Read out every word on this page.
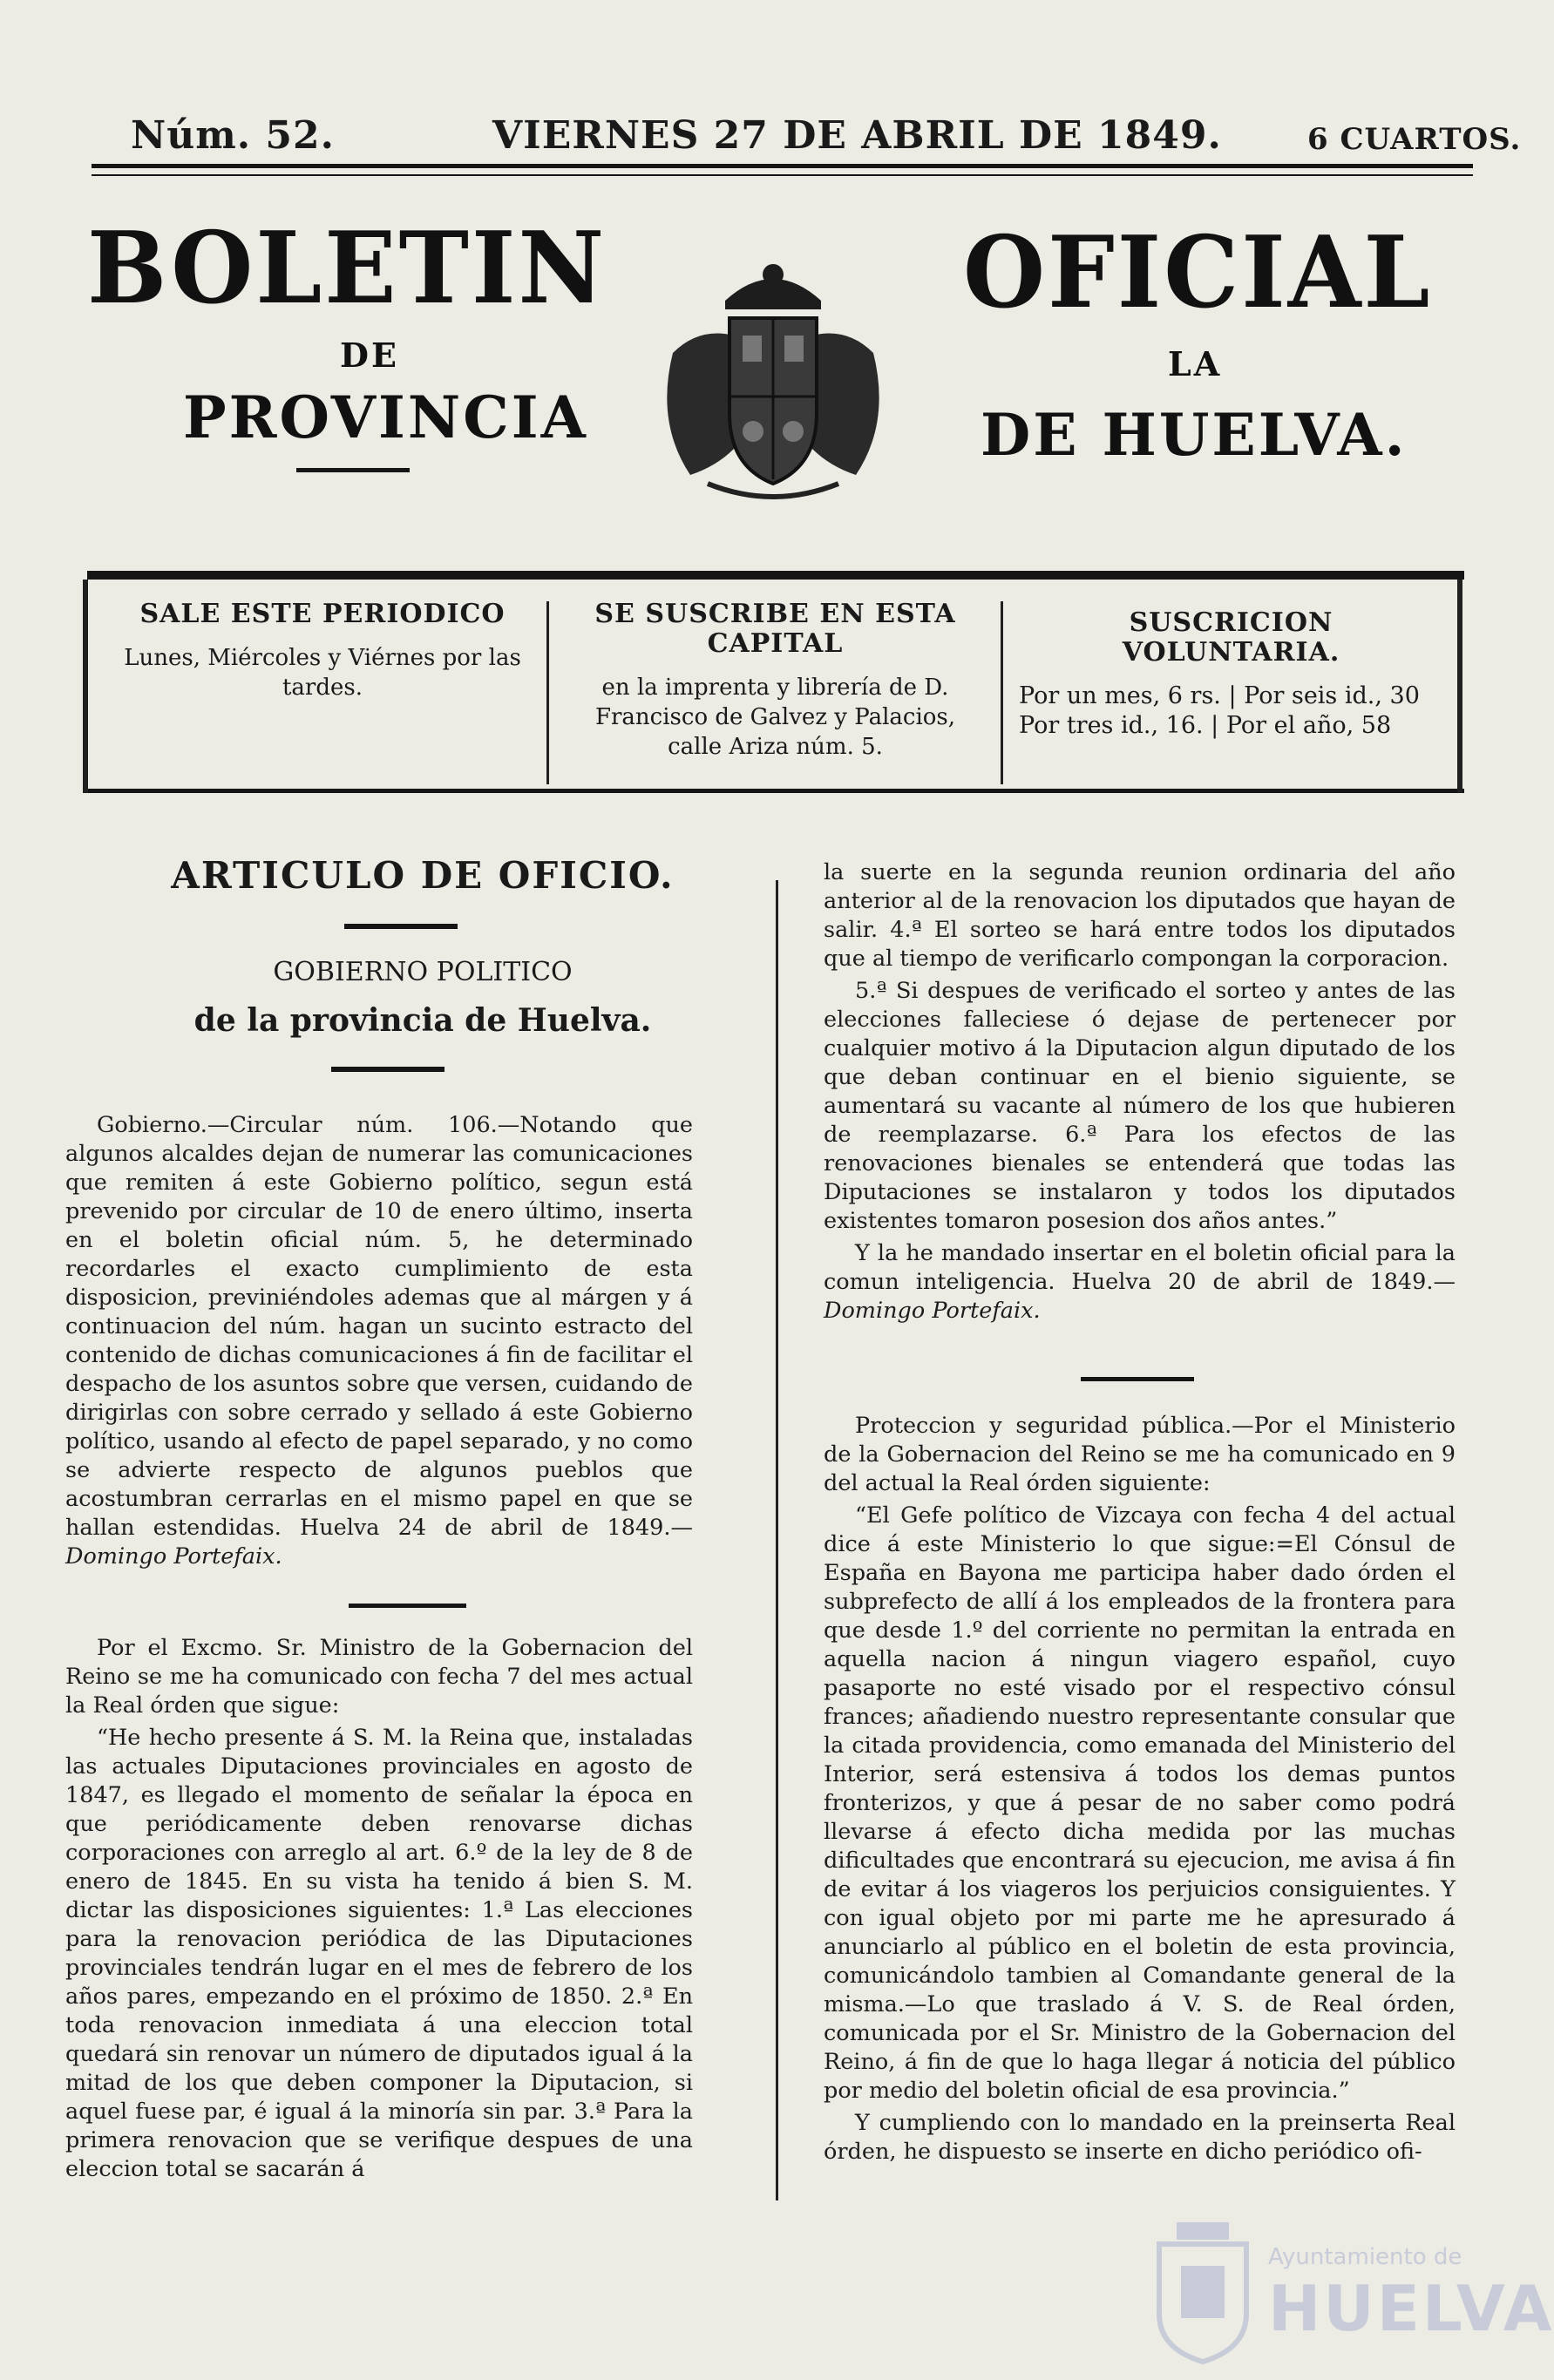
Núm. 52.	VIERNES 27 DE ABRIL DE 1849.	6 CUARTOS.
BOLETIN
DE
PROVINCIA
OFICIAL
LA
DE HUELVA.
SALE ESTE PERIODICO
Lunes, Miércoles y Viérnes por las tardes.
SE SUSCRIBE EN ESTA CAPITAL
en la imprenta y librería de D. Francisco de Galvez y Palacios, calle Ariza núm. 5.
SUSCRICION VOLUNTARIA.
Por un mes, 6 rs. | Por seis id., 30
Por tres id., 16. | Por el año, 58
ARTICULO DE OFICIO.
GOBIERNO POLITICO
de la provincia de Huelva.

Gobierno.—Circular núm. 106.—Notando que algunos alcaldes dejan de numerar las comunicaciones que remiten á este Gobierno político, segun está prevenido por circular de 10 de enero último, inserta en el boletin oficial núm. 5, he determinado recordarles el exacto cumplimiento de esta disposicion, previniéndoles ademas que al márgen y á continuacion del núm. hagan un sucinto estracto del contenido de dichas comunicaciones á fin de facilitar el despacho de los asuntos sobre que versen, cuidando de dirigirlas con sobre cerrado y sellado á este Gobierno político, usando al efecto de papel separado, y no como se advierte respecto de algunos pueblos que acostumbran cerrarlas en el mismo papel en que se hallan estendidas. Huelva 24 de abril de 1849.—Domingo Portefaix.

Por el Excmo. Sr. Ministro de la Gobernacion del Reino se me ha comunicado con fecha 7 del mes actual la Real órden que sigue:

“He hecho presente á S. M. la Reina que, instaladas las actuales Diputaciones provinciales en agosto de 1847, es llegado el momento de señalar la época en que periódicamente deben renovarse dichas corporaciones con arreglo al art. 6.º de la ley de 8 de enero de 1845. En su vista ha tenido á bien S. M. dictar las disposiciones siguientes: 1.ª Las elecciones para la renovacion periódica de las Diputaciones provinciales tendrán lugar en el mes de febrero de los años pares, empezando en el próximo de 1850. 2.ª En toda renovacion inmediata á una eleccion total quedará sin renovar un número de diputados igual á la mitad de los que deben componer la Diputacion, si aquel fuese par, é igual á la minoría sin par. 3.ª Para la primera renovacion que se verifique despues de una eleccion total se sacarán á

la suerte en la segunda reunion ordinaria del año anterior al de la renovacion los diputados que hayan de salir. 4.ª El sorteo se hará entre todos los diputados que al tiempo de verificarlo compongan la corporacion.

5.ª Si despues de verificado el sorteo y antes de las elecciones falleciese ó dejase de pertenecer por cualquier motivo á la Diputacion algun diputado de los que deban continuar en el bienio siguiente, se aumentará su vacante al número de los que hubieren de reemplazarse. 6.ª Para los efectos de las renovaciones bienales se entenderá que todas las Diputaciones se instalaron y todos los diputados existentes tomaron posesion dos años antes.”

Y la he mandado insertar en el boletin oficial para la comun inteligencia. Huelva 20 de abril de 1849.—Domingo Portefaix.

Proteccion y seguridad pública.—Por el Ministerio de la Gobernacion del Reino se me ha comunicado en 9 del actual la Real órden siguiente:

“El Gefe político de Vizcaya con fecha 4 del actual dice á este Ministerio lo que sigue:=El Cónsul de España en Bayona me participa haber dado órden el subprefecto de allí á los empleados de la frontera para que desde 1.º del corriente no permitan la entrada en aquella nacion á ningun viagero español, cuyo pasaporte no esté visado por el respectivo cónsul frances; añadiendo nuestro representante consular que la citada providencia, como emanada del Ministerio del Interior, será estensiva á todos los demas puntos fronterizos, y que á pesar de no saber como podrá llevarse á efecto dicha medida por las muchas dificultades que encontrará su ejecucion, me avisa á fin de evitar á los viageros los perjuicios consiguientes. Y con igual objeto por mi parte me he apresurado á anunciarlo al público en el boletin de esta provincia, comunicándolo tambien al Comandante general de la misma.—Lo que traslado á V. S. de Real órden, comunicada por el Sr. Ministro de la Gobernacion del Reino, á fin de que lo haga llegar á noticia del público por medio del boletin oficial de esa provincia.”

Y cumpliendo con lo mandado en la preinserta Real órden, he dispuesto se inserte en dicho periódico ofi-

Ayuntamiento de
HUELVA
